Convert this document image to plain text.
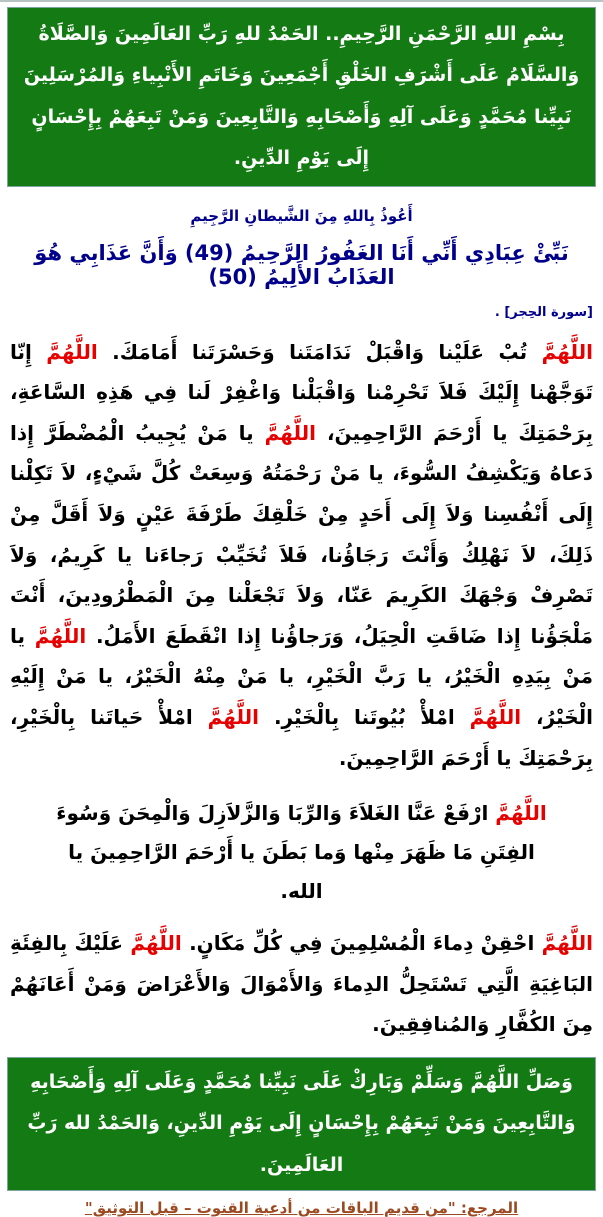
بِسْمِ اللهِ الرَّحْمَنِ الرَّحِيمِ.. الحَمْدُ للهِ رَبِّ العَالَمِينَ وَالصَّلَاةُ وَالسَّلَامُ عَلَى أَشْرَفِ الخَلْقِ أَجْمَعِينَ وَخَاتَمِ الأَنْبِياءِ وَالمُرْسَلِينَ نَبِيِّنا مُحَمَّدٍ وَعَلَى آلِهِ وَأَصْحَابِهِ وَالتَّابِعِينَ وَمَنْ تَبِعَهُمْ بِإِحْسَانٍ إِلَى يَوْمِ الدِّينِ.

أَعُوذُ بِاللهِ مِنَ الشَّيطانِ الرَّجِيمِ

نَبِّئْ عِبَادِي أَنِّي أَنَا الغَفُورُ الرَّحِيمُ (49) وَأَنَّ عَذَابِي هُوَ العَذَابُ الأَلِيمُ (50)

[سورة الحِجر] .

اللَّهُمَّ تُبْ عَلَيْنا وَاقْبَلْ نَدَامَتَنا وَحَسْرَتَنا أَمَامَكَ. اللَّهُمَّ إِنّا تَوَجَّهْنا إِلَيْكَ فَلاَ تَحْرِمْنا وَاقْبَلْنا وَاغْفِرْ لَنا فِي هَذِهِ السَّاعَةِ، بِرَحْمَتِكَ يا أَرْحَمَ الرَّاحِمِينَ، اللَّهُمَّ يا مَنْ يُجِيبُ الْمُضْطَرَّ إِذا دَعاهُ وَيَكْشِفُ السُّوءَ، يا مَنْ رَحْمَتُهُ وَسِعَتْ كُلَّ شَيْءٍ، لاَ تَكِلْنا إِلَى أَنْفُسِنا وَلاَ إِلَى أَحَدٍ مِنْ خَلْقِكَ طَرْفَةَ عَيْنٍ وَلاَ أَقَلَّ مِنْ ذَلِكَ، لاَ نَهْلِكُ وَأَنْتَ رَجَاؤُنا، فَلاَ تُخَيِّبْ رَجاءَنا يا كَرِيمُ، وَلاَ تَصْرِفْ وَجْهَكَ الكَرِيمَ عَنّا، وَلاَ تَجْعَلْنا مِنَ الْمَطْرُودِينَ، أَنْتَ مَلْجَؤُنا إِذا ضَاقَتِ الْحِيَلُ، وَرَجاؤُنا إِذا انْقَطَعَ الأَمَلُ. اللَّهُمَّ يا مَنْ بِيَدِهِ الْخَيْرُ، يا رَبَّ الْخَيْرِ، يا مَنْ مِنْهُ الْخَيْرُ، يا مَنْ إِلَيْهِ الْخَيْرُ، اللَّهُمَّ امْلأْ بُيُوتَنا بِالْخَيْرِ. اللَّهُمَّ امْلأْ حَياتَنا بِالْخَيْرِ، بِرَحْمَتِكَ يا أَرْحَمَ الرَّاحِمِينَ.

اللَّهُمَّ ارْفَعْ عَنَّا الغَلاَءَ وَالرِّبَا وَالزَّلاَزِلَ وَالْمِحَنَ وَسُوءَ الفِتَنِ مَا ظَهَرَ مِنْها وَما بَطَنَ يا أَرْحَمَ الرَّاحِمِينَ يا الله.

اللَّهُمَّ احْقِنْ دِماءَ الْمُسْلِمِينَ فِي كُلِّ مَكَانٍ. اللَّهُمَّ عَلَيْكَ بِالفِئَةِ البَاغِيَةِ الَّتِي تَسْتَحِلُّ الدِماءَ وَالأَمْوَالَ وَالأَعْرَاضَ وَمَنْ أَعَانَهُمْ مِنَ الكُفَّارِ وَالمُنافِقِينَ.

وَصَلِّ اللَّهُمَّ وَسَلِّمْ وَبَارِكْ عَلَى نَبِيِّنا مُحَمَّدٍ وَعَلَى آلِهِ وَأَصْحَابِهِ وَالتَّابِعِينَ وَمَنْ تَبِعَهُمْ بِإِحْسَانٍ إِلَى يَوْمِ الدِّينِ، وَالحَمْدُ لله رَبِّ العَالَمِينَ.

المرجع: "من قديم الباقات من أدعية القنوت – قبل التوثيق"
